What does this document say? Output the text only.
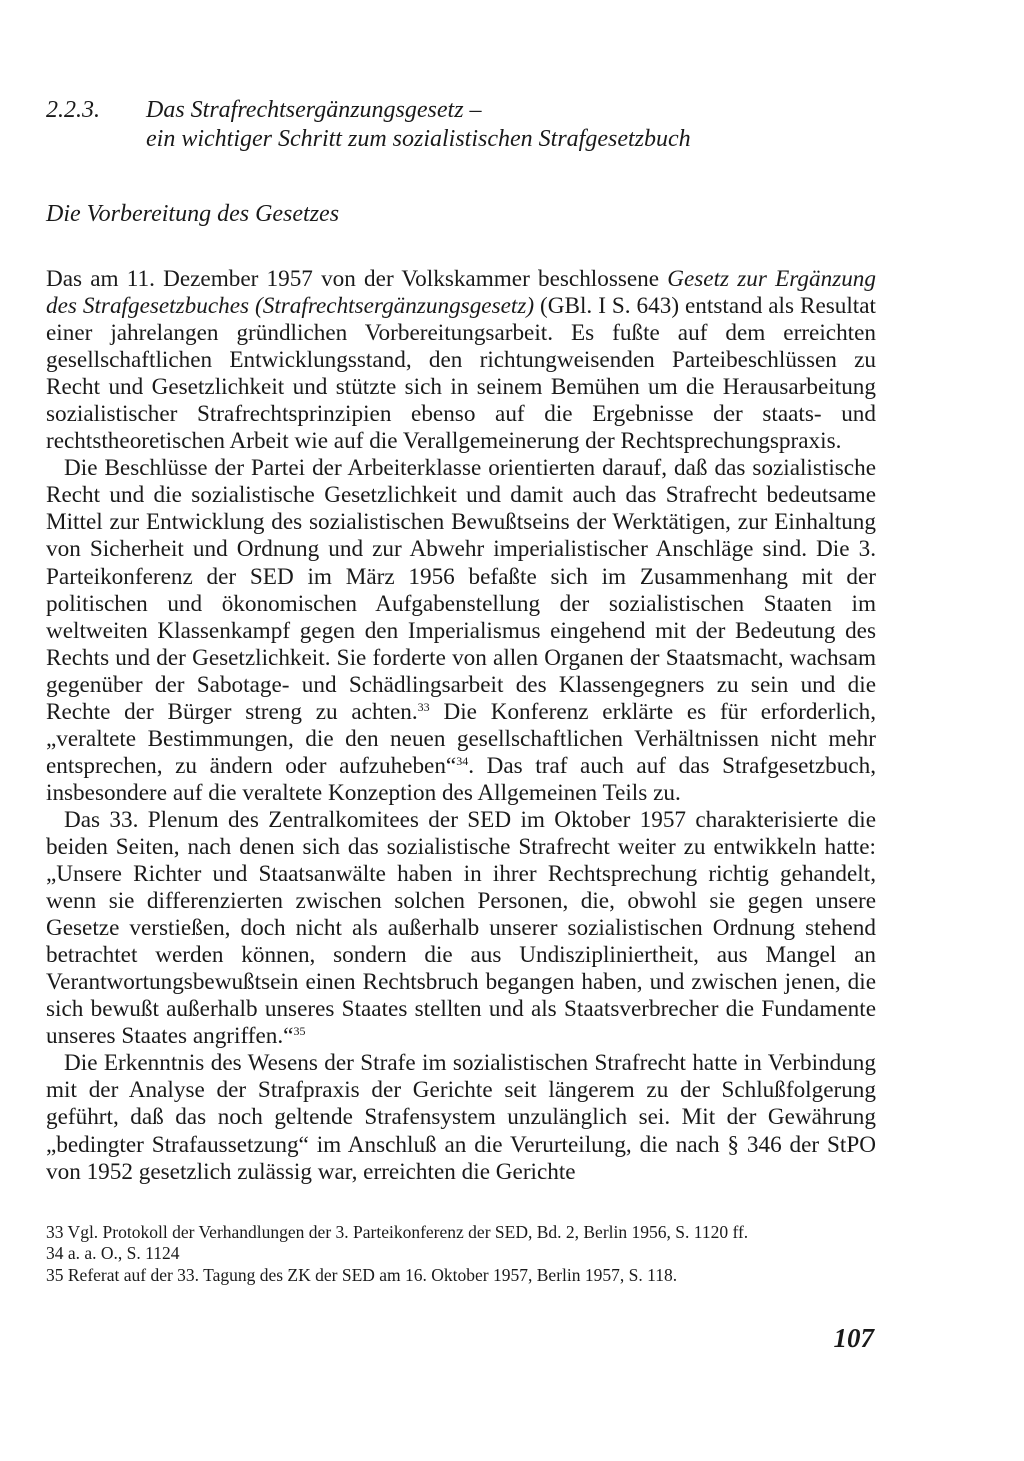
2.2.3.	Das Strafrechtsergänzungsgesetz –
ein wichtiger Schritt zum sozialistischen Strafgesetzbuch
Die Vorbereitung des Gesetzes

Das am 11. Dezember 1957 von der Volkskammer beschlossene Gesetz zur Ergänzung des Strafgesetzbuches (Strafrechtsergänzungsgesetz) (GBl. I S. 643) entstand als Resultat einer jahrelangen gründlichen Vorbereitungsarbeit. Es fußte auf dem erreichten gesellschaftlichen Entwicklungsstand, den richtungweisenden Parteibeschlüssen zu Recht und Gesetzlichkeit und stützte sich in seinem Bemühen um die Herausarbeitung sozialistischer Strafrechtsprinzipien ebenso auf die Ergebnisse der staats- und rechtstheoretischen Arbeit wie auf die Verallgemeinerung der Rechtsprechungspraxis.

Die Beschlüsse der Partei der Arbeiterklasse orientierten darauf, daß das sozialistische Recht und die sozialistische Gesetzlichkeit und damit auch das Strafrecht bedeutsame Mittel zur Entwicklung des sozialistischen Bewußtseins der Werktätigen, zur Einhaltung von Sicherheit und Ordnung und zur Abwehr imperialistischer Anschläge sind. Die 3. Parteikonferenz der SED im März 1956 befaßte sich im Zusammenhang mit der politischen und ökonomischen Aufgabenstellung der sozialistischen Staaten im weltweiten Klassenkampf gegen den Imperialismus eingehend mit der Bedeutung des Rechts und der Gesetzlichkeit. Sie forderte von allen Organen der Staatsmacht, wachsam gegenüber der Sabotage- und Schädlingsarbeit des Klassengegners zu sein und die Rechte der Bürger streng zu achten.$^{33}$ Die Konferenz erklärte es für erforderlich, „veraltete Bestimmungen, die den neuen gesellschaftlichen Verhältnissen nicht mehr entsprechen, zu ändern oder aufzuheben“$^{34}$. Das traf auch auf das Strafgesetzbuch, insbesondere auf die veraltete Konzeption des Allgemeinen Teils zu.

Das 33. Plenum des Zentralkomitees der SED im Oktober 1957 charakterisierte die beiden Seiten, nach denen sich das sozialistische Strafrecht weiter zu entwikkeln hatte: „Unsere Richter und Staatsanwälte haben in ihrer Rechtsprechung richtig gehandelt, wenn sie differenzierten zwischen solchen Personen, die, obwohl sie gegen unsere Gesetze verstießen, doch nicht als außerhalb unserer sozialistischen Ordnung stehend betrachtet werden können, sondern die aus Undiszipliniertheit, aus Mangel an Verantwortungsbewußtsein einen Rechtsbruch begangen haben, und zwischen jenen, die sich bewußt außerhalb unseres Staates stellten und als Staatsverbrecher die Fundamente unseres Staates angriffen.“$^{35}$

Die Erkenntnis des Wesens der Strafe im sozialistischen Strafrecht hatte in Verbindung mit der Analyse der Strafpraxis der Gerichte seit längerem zu der Schlußfolgerung geführt, daß das noch geltende Strafensystem unzulänglich sei. Mit der Gewährung „bedingter Strafaussetzung“ im Anschluß an die Verurteilung, die nach § 346 der StPO von 1952 gesetzlich zulässig war, erreichten die Gerichte

33 Vgl. Protokoll der Verhandlungen der 3. Parteikonferenz der SED, Bd. 2, Berlin 1956, S. 1120 ff.
34 a. a. O., S. 1124
35 Referat auf der 33. Tagung des ZK der SED am 16. Oktober 1957, Berlin 1957, S. 118.
107
